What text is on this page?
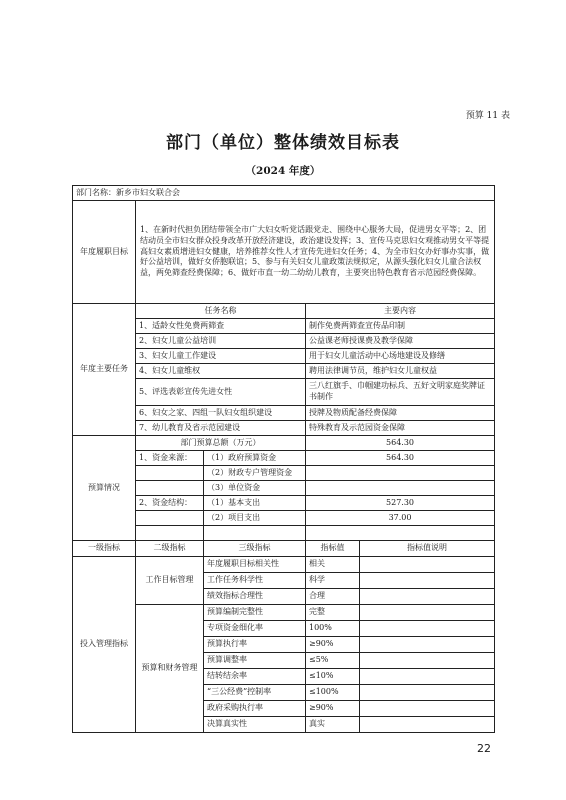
预算 11 表
部门（单位）整体绩效目标表
（2024 年度）
部门名称：新乡市妇女联合会				
年度履职目标	1、在新时代担负团结带领全市广大妇女听党话跟党走、围绕中心服务大局，促进男女平等；2、团结动员全市妇女群众投身改革开放经济建设，政治建设发挥；3、宣传马克思妇女观推动男女平等提高妇女素质增进妇女健康，培养推荐女性人才宣传先进妇女任务；4、为全市妇女办好事办实事，做好公益培训，做好女侨胞联谊；5、参与有关妇女儿童政策法规拟定，从源头强化妇女儿童合法权益，两免筛查经费保障；6、做好市直一幼二幼幼儿教育，主要突出特色教育省示范园经费保障。			
年度主要任务	任务名称		主要内容	
	1、适龄女性免费两筛查		制作免费两筛查宣传品印制	
	2、妇女儿童公益培训		公益课老师授课费及教学保障	
	3、妇女儿童工作建设		用于妇女儿童活动中心场地建设及修缮	
	4、妇女儿童维权		聘用法律调节员，维护妇女儿童权益	
	5、评选表彰宣传先进女性		三八红旗手、巾帼建功标兵、五好文明家庭奖牌证书制作	
	6、妇女之家、四组一队妇女组织建设		授牌及物质配备经费保障	
	7、幼儿教育及省示范园建设		特殊教育及示范园资金保障	
预算情况	部门预算总额（万元）		564.30	
	1、资金来源：	（1）政府预算资金	564.30	
		（2）财政专户管理资金		
		（3）单位资金		
	2、资金结构：	（1）基本支出	527.30	
		（2）项目支出	37.00	

一级指标	二级指标	三级指标	指标值	指标值说明
投入管理指标	工作目标管理	年度履职目标相关性	相关	
		工作任务科学性	科学	
		绩效指标合理性	合理	
	预算和财务管理	预算编制完整性	完整	
		专项资金细化率	100%	
		预算执行率	≥90%	
		预算调整率	≤5%	
		结转结余率	≤10%	
		“三公经费”控制率	≤100%	
		政府采购执行率	≥90%	
		决算真实性	真实	
22
